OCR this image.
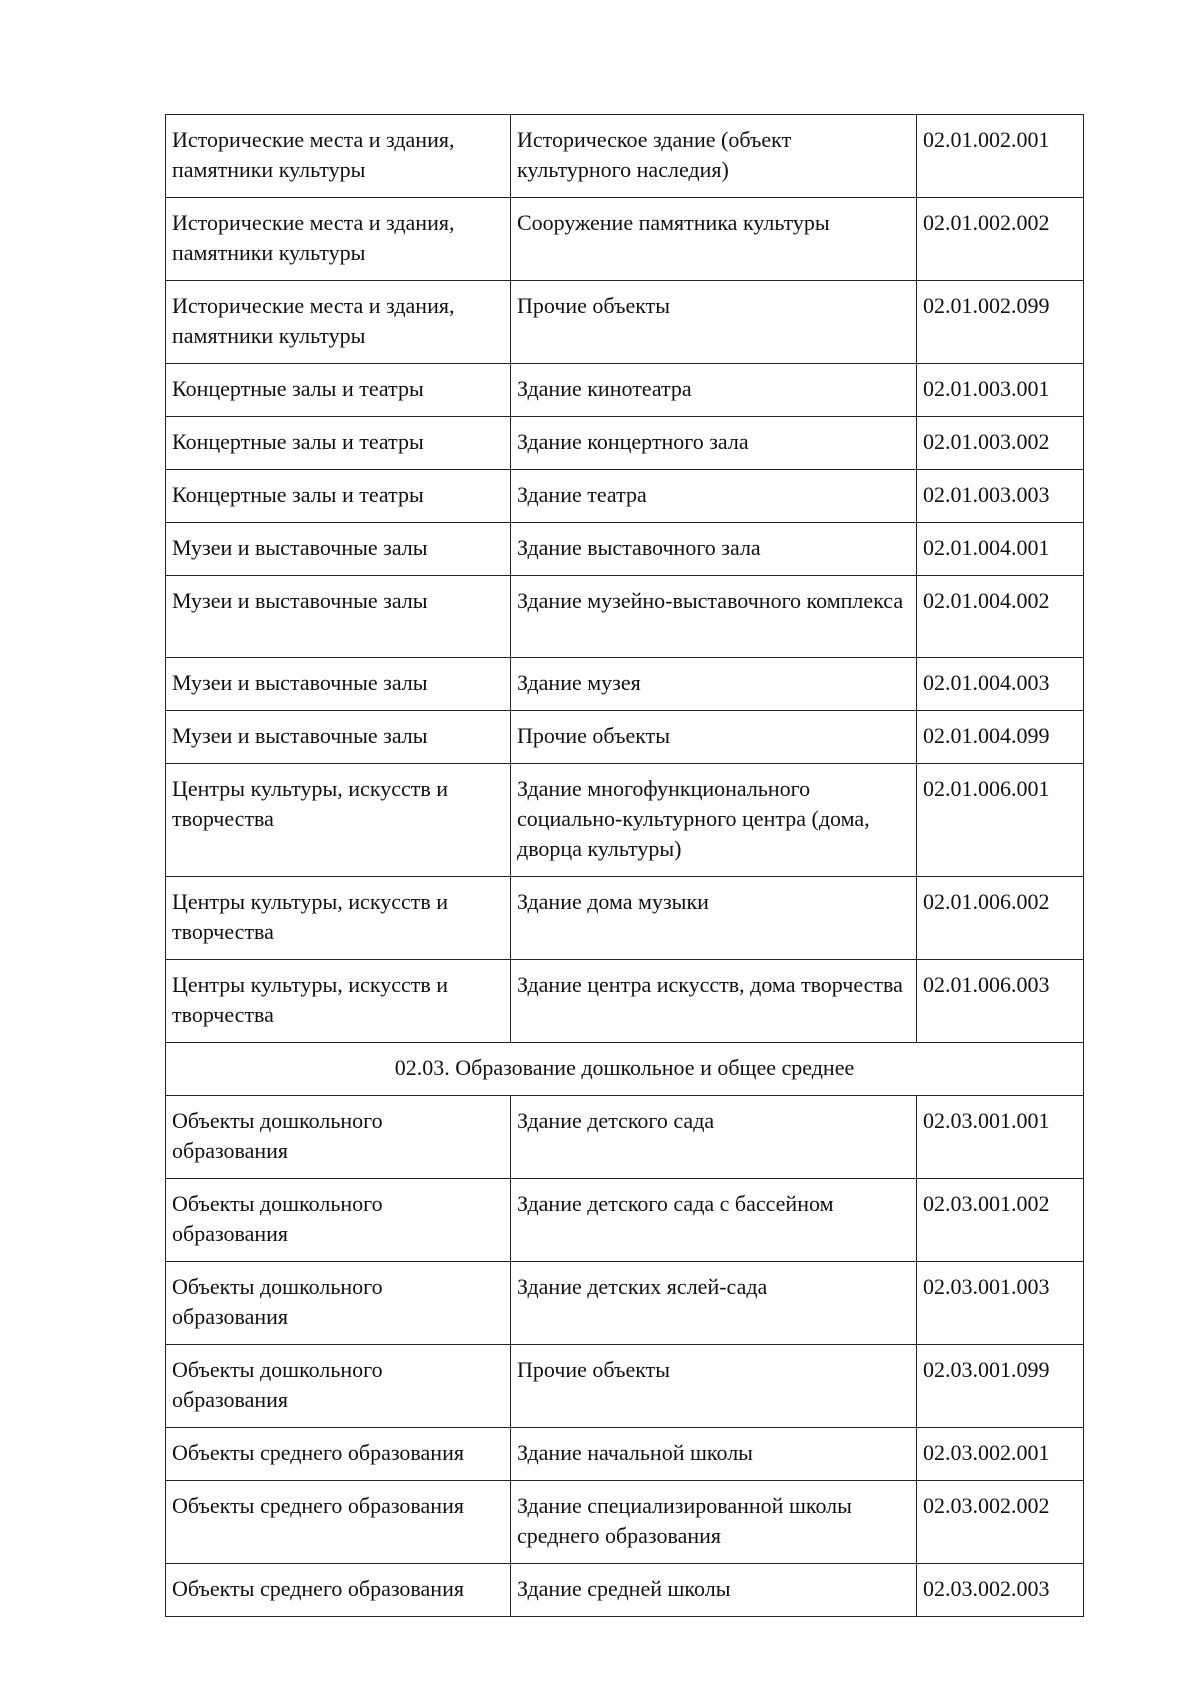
Исторические места и здания, памятники культуры	Историческое здание (объект культурного наследия)	02.01.002.001
Исторические места и здания, памятники культуры	Сооружение памятника культуры	02.01.002.002
Исторические места и здания, памятники культуры	Прочие объекты	02.01.002.099
Концертные залы и театры	Здание кинотеатра	02.01.003.001
Концертные залы и театры	Здание концертного зала	02.01.003.002
Концертные залы и театры	Здание театра	02.01.003.003
Музеи и выставочные залы	Здание выставочного зала	02.01.004.001
Музеи и выставочные залы	Здание музейно-выставочного комплекса	02.01.004.002
Музеи и выставочные залы	Здание музея	02.01.004.003
Музеи и выставочные залы	Прочие объекты	02.01.004.099
Центры культуры, искусств и творчества	Здание многофункционального социально-культурного центра (дома, дворца культуры)	02.01.006.001
Центры культуры, искусств и творчества	Здание дома музыки	02.01.006.002
Центры культуры, искусств и творчества	Здание центра искусств, дома творчества	02.01.006.003
02.03. Образование дошкольное и общее среднее		
Объекты дошкольного образования	Здание детского сада	02.03.001.001
Объекты дошкольного образования	Здание детского сада с бассейном	02.03.001.002
Объекты дошкольного образования	Здание детских яслей-сада	02.03.001.003
Объекты дошкольного образования	Прочие объекты	02.03.001.099
Объекты среднего образования	Здание начальной школы	02.03.002.001
Объекты среднего образования	Здание специализированной школы среднего образования	02.03.002.002
Объекты среднего образования	Здание средней школы	02.03.002.003
